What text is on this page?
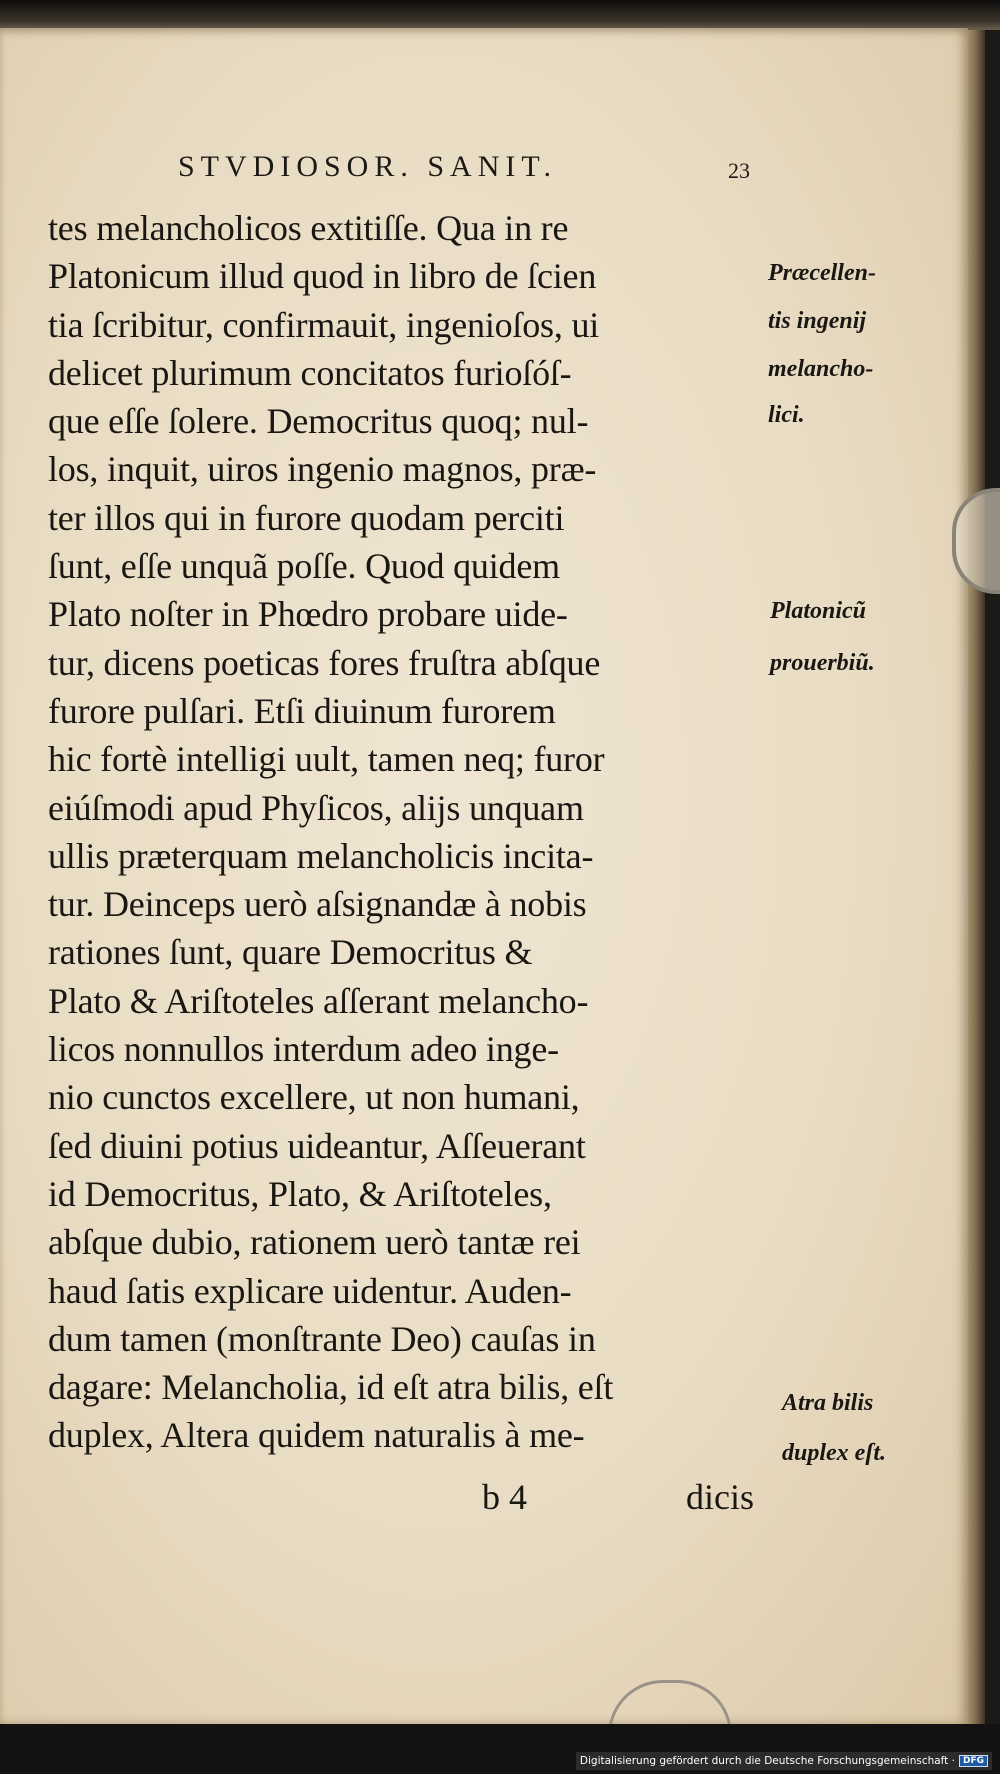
STVDIOSOR. SANIT.	23
tes melancholicos extitiſſe. Qua in re
Platonicum illud quod in libro de ſcien
tia ſcribitur, confirmauit, ingenioſos, ui
delicet plurimum concitatos furioſóſ-
que eſſe ſolere. Democritus quoq; nul-
los, inquit, uiros ingenio magnos, præ-
ter illos qui in furore quodam perciti
ſunt, eſſe unquã poſſe. Quod quidem
Plato noſter in Phœdro probare uide-
tur, dicens poeticas fores fruſtra abſque
furore pulſari. Etſi diuinum furorem
hic fortè intelligi uult, tamen neq; furor
eiúſmodi apud Phyſicos, alijs unquam
ullis præterquam melancholicis incita-
tur. Deinceps uerò aſsignandæ à nobis
rationes ſunt, quare Democritus &
Plato & Ariſtoteles aſſerant melancho-
licos nonnullos interdum adeo inge-
nio cunctos excellere, ut non humani,
ſed diuini potius uideantur, Aſſeuerant
id Democritus, Plato, & Ariſtoteles,
abſque dubio, rationem uerò tantæ rei
haud ſatis explicare uidentur. Auden-
dum tamen (monſtrante Deo) cauſas in
dagare: Melancholia, id eſt atra bilis, eſt
duplex, Altera quidem naturalis à me-
Præcellen-
tis ingenij
melancho-
lici.
Platonicũ
prouerbiũ.
Atra bilis
duplex eſt.
b 4	dicis
Digitalisierung gefördert durch die Deutsche Forschungsgemeinschaft · DFG
